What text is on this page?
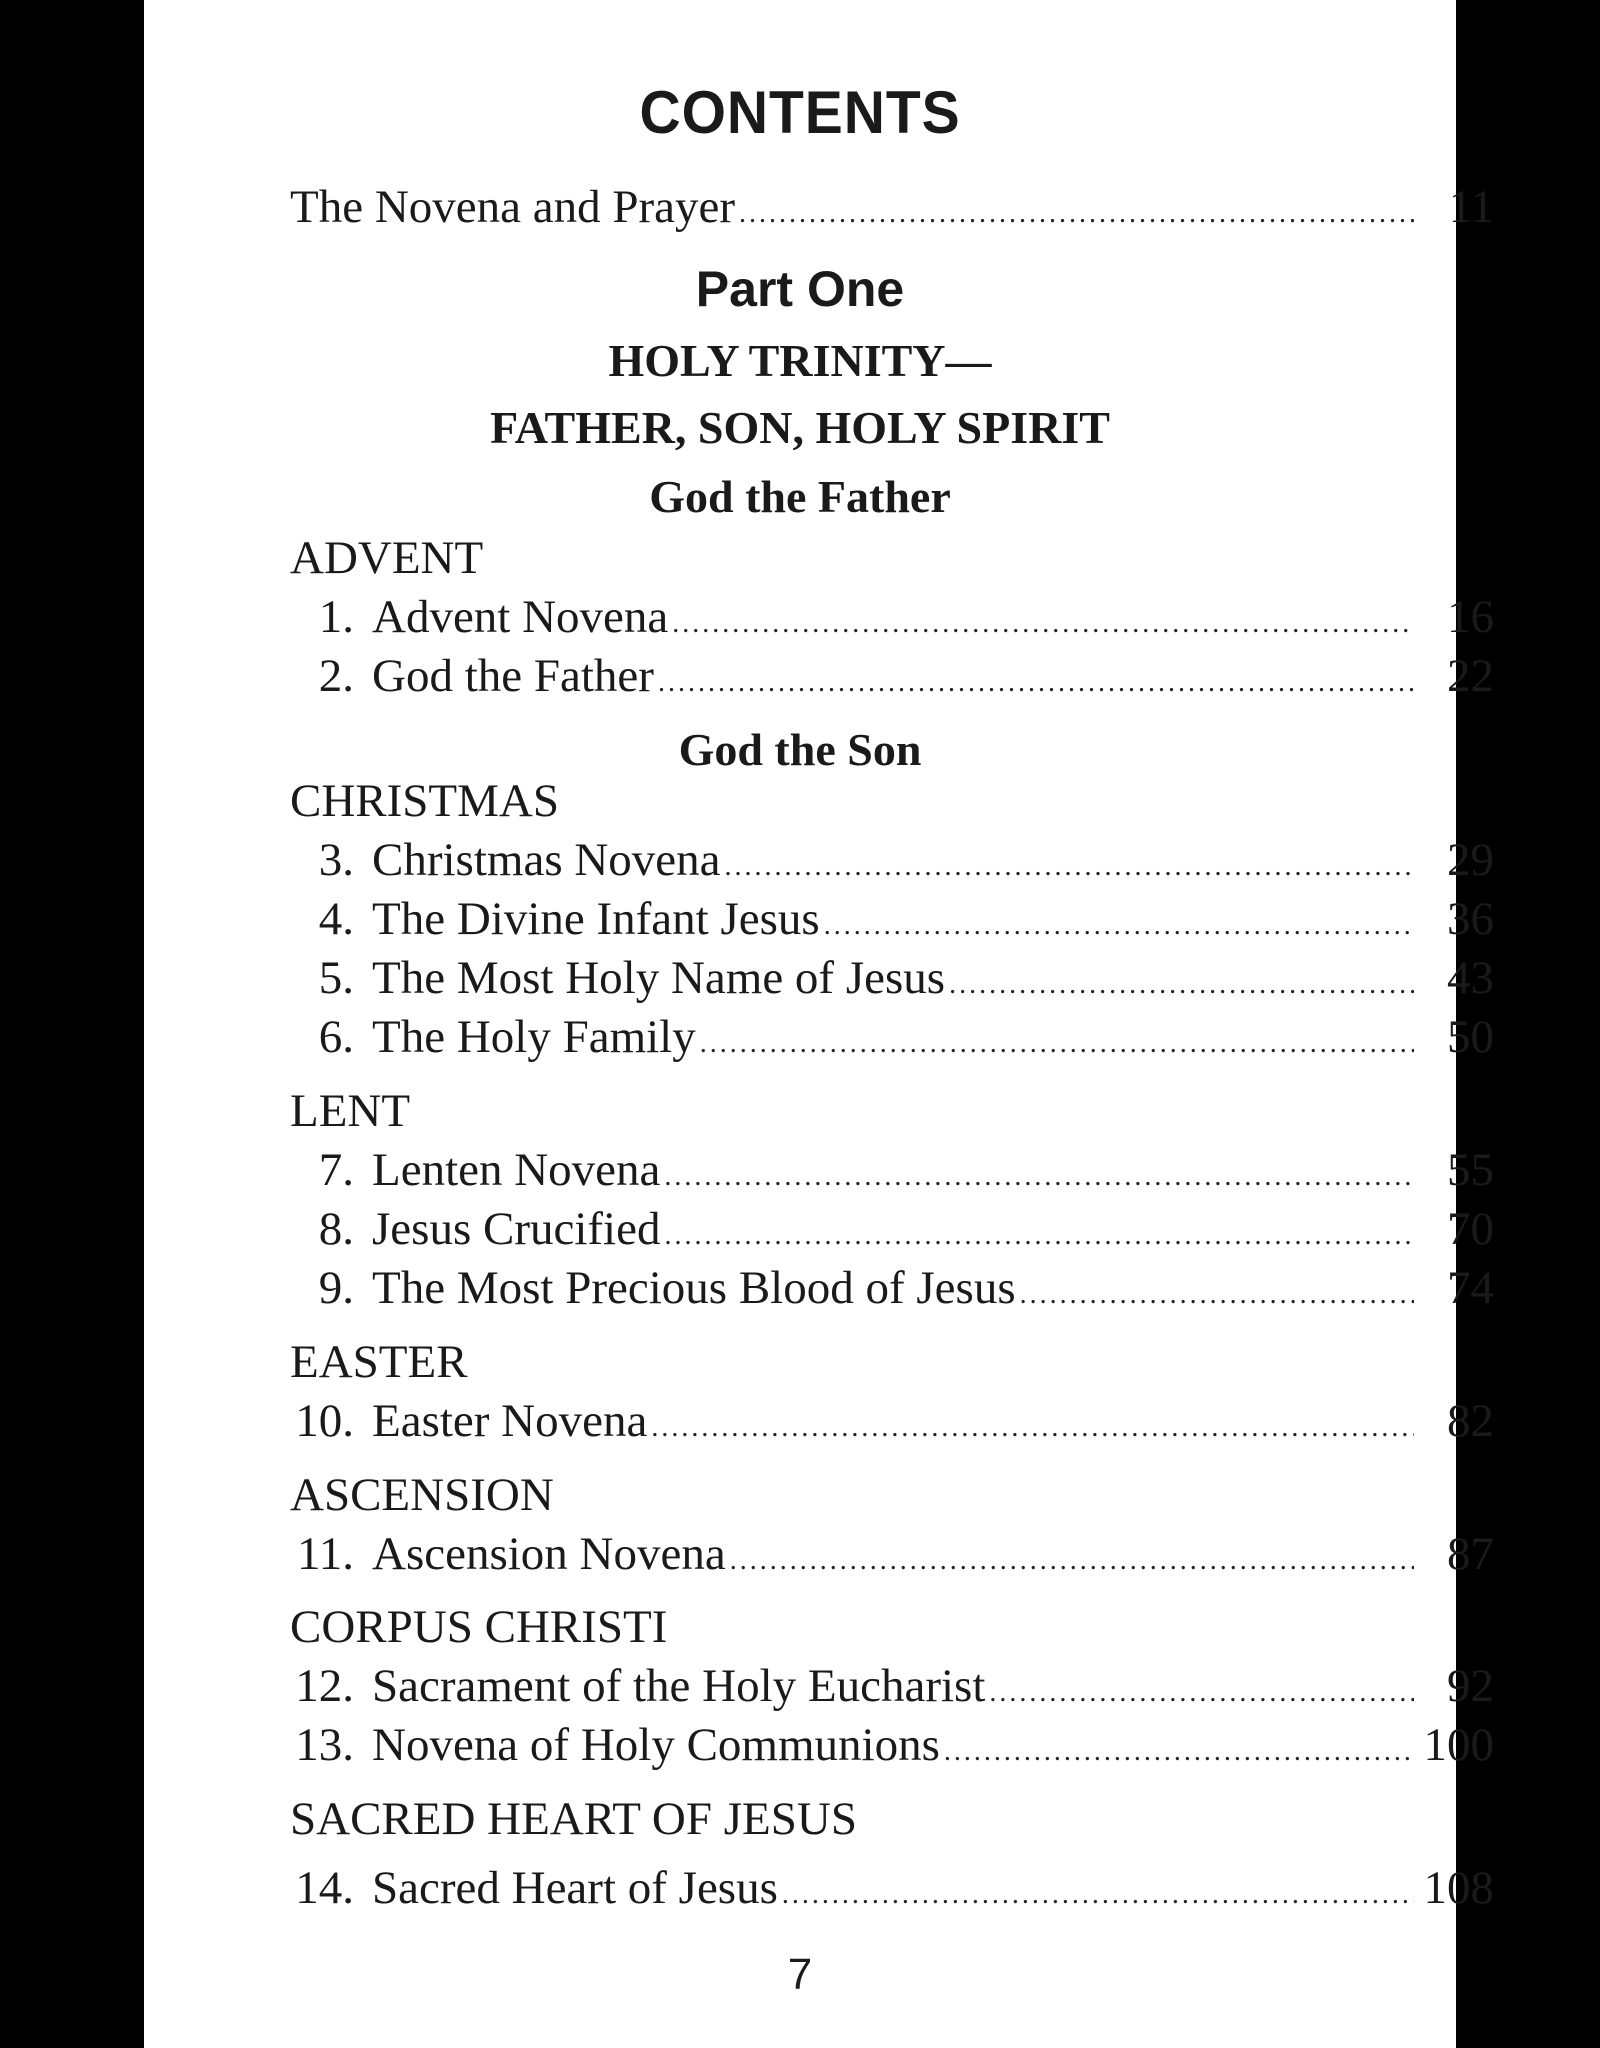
CONTENTS
The Novena and Prayer .....	11
Part One
HOLY TRINITY—
FATHER, SON, HOLY SPIRIT
God the Father
God the Son
ADVENT
1. Advent Novena .....	16
2. God the Father .....	22
CHRISTMAS
3. Christmas Novena .....	29
4. The Divine Infant Jesus .....	36
5. The Most Holy Name of Jesus .....	43
6. The Holy Family .....	50
LENT
7. Lenten Novena .....	55
8. Jesus Crucified .....	70
9. The Most Precious Blood of Jesus .....	74
EASTER
10. Easter Novena .....	82
ASCENSION
11. Ascension Novena .....	87
CORPUS CHRISTI
12. Sacrament of the Holy Eucharist .....	92
13. Novena of Holy Communions .....	100
SACRED HEART OF JESUS
14. Sacred Heart of Jesus .....	108
7
